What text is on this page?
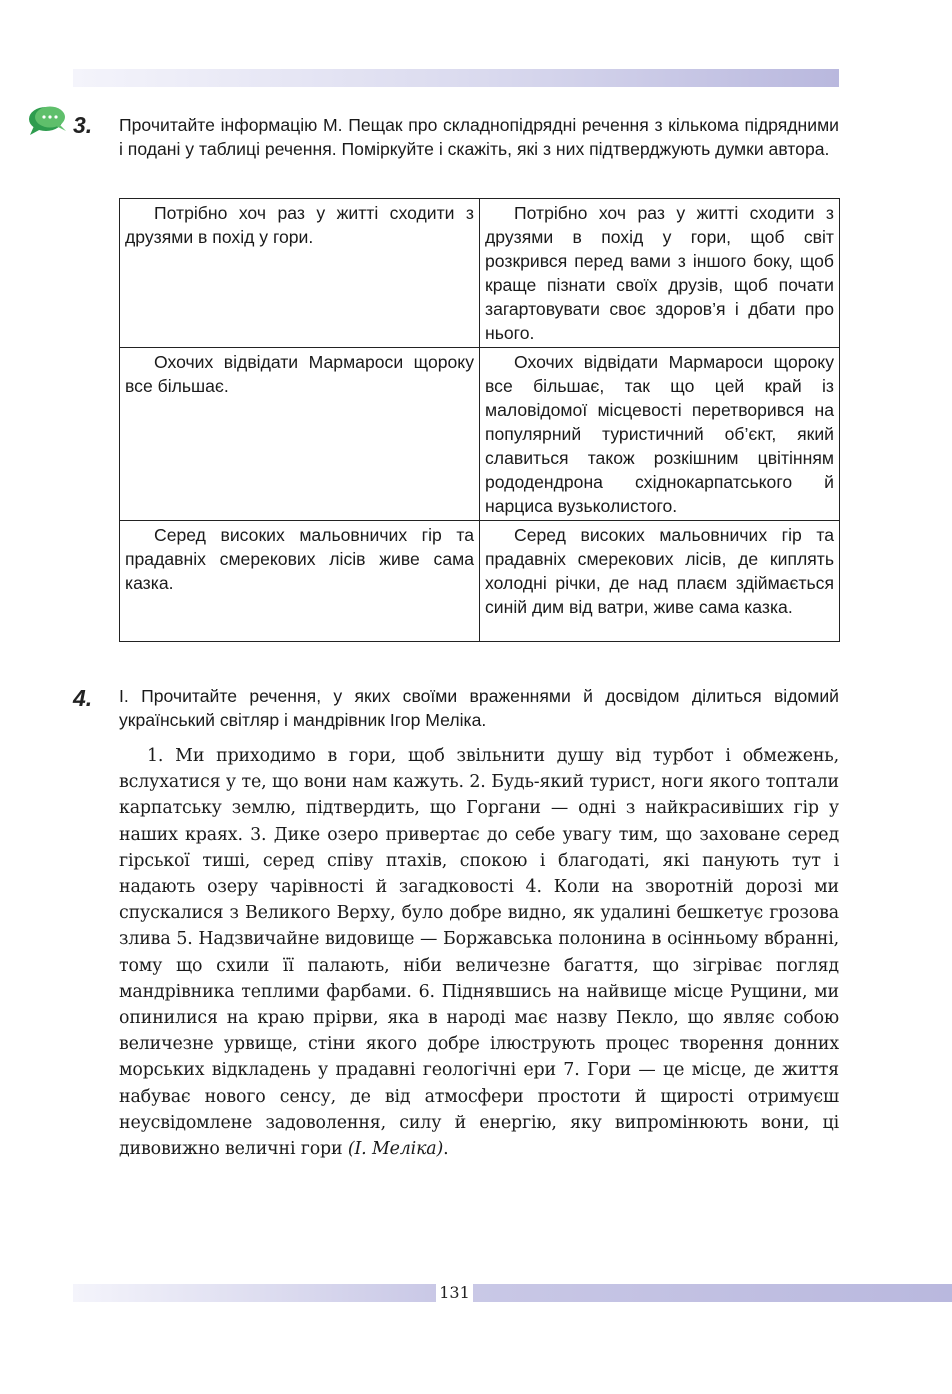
3. Прочитайте інформацію М. Пещак про складнопідрядні речення з кількома підрядними і подані у таблиці речення. Поміркуйте і скажіть, які з них підтверджують думки автора.
Потрібно хоч раз у житті сходити з друзями в похід у гори.	Потрібно хоч раз у житті сходити з друзями в похід у гори, щоб світ розкрився перед вами з іншого боку, щоб краще пізнати своїх друзів, щоб почати загартовувати своє здоров’я і дбати про нього.
Охочих відвідати Мармароси щороку все більшає.	Охочих відвідати Мармароси щороку все більшає, так що цей край із маловідомої місцевості перетворився на популярний туристичний об’єкт, який славиться також розкішним цвітінням рододендрона східнокарпатського й нарциса вузьколистого.
Серед високих мальовничих гір та прадавніх смерекових лісів живе сама казка.	Серед високих мальовничих гір та прадавніх смерекових лісів, де киплять холодні річки, де над плаєм здіймається синій дим від ватри, живе сама казка.
4. І. Прочитайте речення, у яких своїми враженнями й досвідом ділиться відомий український світляр і мандрівник Ігор Меліка.
1. Ми приходимо в гори, щоб звільнити душу від турбот і обмежень, вслухатися у те, що вони нам кажуть. 2. Будь-який турист, ноги якого топтали карпатську землю, підтвердить, що Горгани — одні з найкрасивіших гір у наших краях. 3. Дике озеро привертає до себе увагу тим, що заховане серед гірської тиші, серед співу птахів, спокою і благодаті, які панують тут і надають озеру чарівності й загадковості 4. Коли на зворотній дорозі ми спускалися з Великого Верху, було добре видно, як удалині бешкетує грозова злива 5. Надзвичайне видовище — Боржавська полонина в осінньому вбранні, тому що схили її палають, ніби величезне багаття, що зігріває погляд мандрівника теплими фарбами. 6. Піднявшись на найвище місце Рущини, ми опинилися на краю прірви, яка в народі має назву Пекло, що являє собою величезне урвище, стіни якого добре ілюструють процес творення донних морських відкладень у прадавні геологічні ери 7. Гори — це місце, де життя набуває нового сенсу, де від атмосфери простоти й щирості отримуєш неусвідомлене задоволення, силу й енергію, яку випромінюють вони, ці дивовижно величні гори (І. Меліка).
131
